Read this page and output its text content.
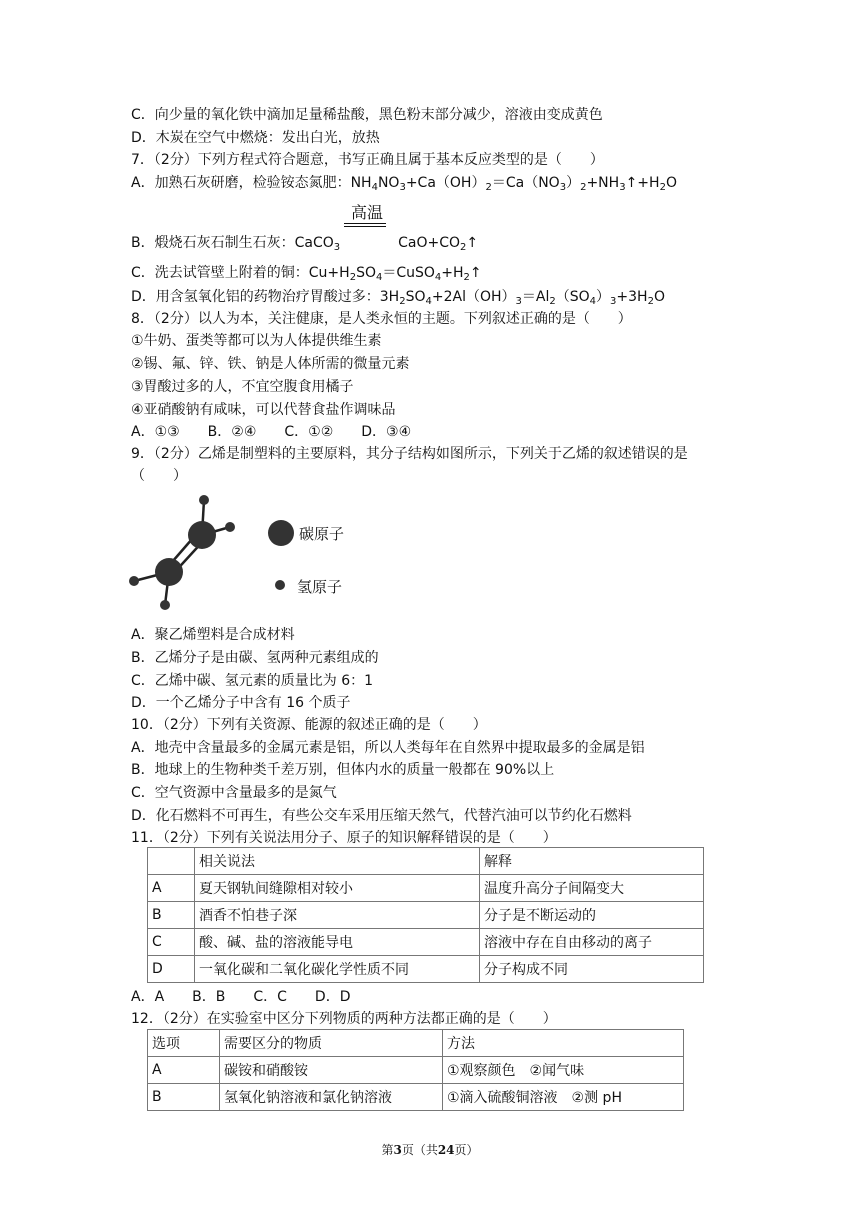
C．向少量的氧化铁中滴加足量稀盐酸，黑色粉末部分减少，溶液由变成黄色
D．木炭在空气中燃烧：发出白光，放热
7．（2分）下列方程式符合题意，书写正确且属于基本反应类型的是（　　）
A．加熟石灰研磨，检验铵态氮肥：$NH_4NO_3+Ca(OH)_2=Ca(NO_3)_2+NH_3↑+H_2O$
高温
B．煅烧石灰石制生石灰：CaCO$_3$	$CaO+CO_2↑$
C．洗去试管壁上附着的铜：$Cu+H_2SO_4=CuSO_4+H_2↑$
D．用含氢氧化铝的药物治疗胃酸过多：$3H_2SO_4+2Al(OH)_3=Al_2(SO_4)_3+3H_2O$
8．（2分）以人为本，关注健康，是人类永恒的主题。下列叙述正确的是（　　）
①牛奶、蛋类等都可以为人体提供维生素
②锡、氟、锌、铁、钠是人体所需的微量元素
③胃酸过多的人，不宜空腹食用橘子
④亚硝酸钠有咸味，可以代替食盐作调味品
A．①③　　B．②④　　C．①②　　D．③④
9．（2分）乙烯是制塑料的主要原料，其分子结构如图所示，下列关于乙烯的叙述错误的是
（　　）
碳原子
氢原子
A．聚乙烯塑料是合成材料
B．乙烯分子是由碳、氢两种元素组成的
C．乙烯中碳、氢元素的质量比为 6：1
D．一个乙烯分子中含有 16 个质子
10．（2分）下列有关资源、能源的叙述正确的是（　　）
A．地壳中含量最多的金属元素是铝，所以人类每年在自然界中提取最多的金属是铝
B．地球上的生物种类千差万别，但体内水的质量一般都在 90%以上
C．空气资源中含量最多的是氮气
D．化石燃料不可再生，有些公交车采用压缩天然气，代替汽油可以节约化石燃料
11．（2分）下列有关说法用分子、原子的知识解释错误的是（　　）
	相关说法	解释
A	夏天钢轨间缝隙相对较小	温度升高分子间隔变大
B	酒香不怕巷子深	分子是不断运动的
C	酸、碱、盐的溶液能导电	溶液中存在自由移动的离子
D	一氧化碳和二氧化碳化学性质不同	分子构成不同
A．A　　B．B　　C．C　　D．D
12．（2分）在实验室中区分下列物质的两种方法都正确的是（　　）
选项	需要区分的物质	方法
A	碳铵和硝酸铵	①观察颜色　②闻气味
B	氢氧化钠溶液和氯化钠溶液	①滴入硫酸铜溶液　②测 pH
第3页（共24页）
